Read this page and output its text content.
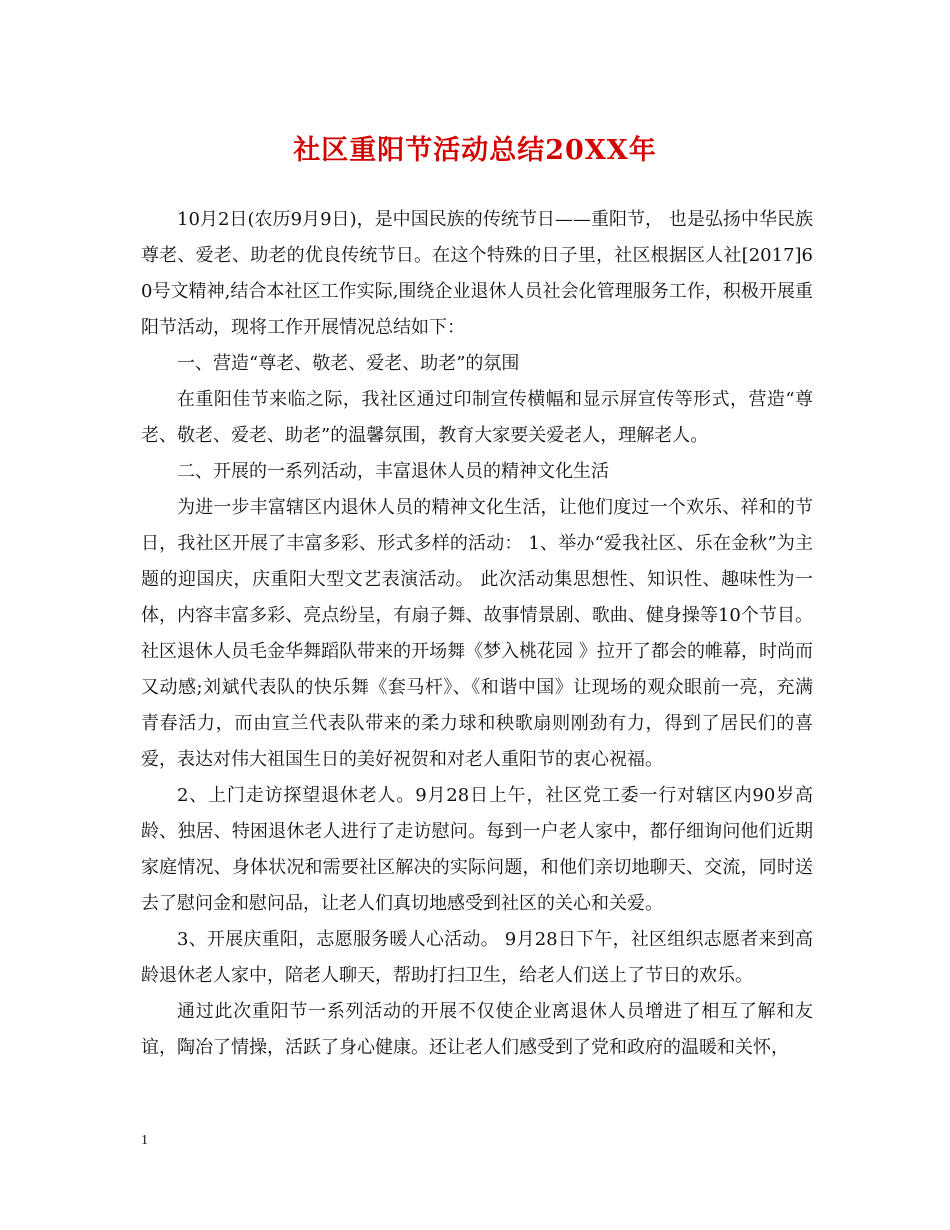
社区重阳节活动总结20XX年

10月2日(农历9月9日)，是中国民族的传统节日——重阳节， 也是弘扬中华民族尊老、爱老、助老的优良传统节日。在这个特殊的日子里，社区根据区人社[2017]60号文精神,结合本社区工作实际,围绕企业退休人员社会化管理服务工作，积极开展重阳节活动，现将工作开展情况总结如下：

一、营造“尊老、敬老、爱老、助老”的氛围

在重阳佳节来临之际，我社区通过印制宣传横幅和显示屏宣传等形式，营造“尊老、敬老、爱老、助老”的温馨氛围，教育大家要关爱老人，理解老人。

二、开展的一系列活动，丰富退休人员的精神文化生活

为进一步丰富辖区内退休人员的精神文化生活，让他们度过一个欢乐、祥和的节日，我社区开展了丰富多彩、形式多样的活动： 1、举办“爱我社区、乐在金秋”为主题的迎国庆，庆重阳大型文艺表演活动。 此次活动集思想性、知识性、趣味性为一体，内容丰富多彩、亮点纷呈，有扇子舞、故事情景剧、歌曲、健身操等10个节目。社区退休人员毛金华舞蹈队带来的开场舞《梦入桃花园 》拉开了都会的帷幕，时尚而又动感;刘斌代表队的快乐舞《套马杆》、《和谐中国》让现场的观众眼前一亮，充满青春活力，而由宣兰代表队带来的柔力球和秧歌扇则刚劲有力，得到了居民们的喜爱，表达对伟大祖国生日的美好祝贺和对老人重阳节的衷心祝福。

2、上门走访探望退休老人。9月28日上午，社区党工委一行对辖区内90岁高龄、独居、特困退休老人进行了走访慰问。每到一户老人家中，都仔细询问他们近期家庭情况、身体状况和需要社区解决的实际问题，和他们亲切地聊天、交流，同时送去了慰问金和慰问品，让老人们真切地感受到社区的关心和关爱。

3、开展庆重阳，志愿服务暖人心活动。 9月28日下午，社区组织志愿者来到高龄退休老人家中，陪老人聊天，帮助打扫卫生，给老人们送上了节日的欢乐。

通过此次重阳节一系列活动的开展不仅使企业离退休人员增进了相互了解和友谊，陶冶了情操，活跃了身心健康。还让老人们感受到了党和政府的温暖和关怀，

1
